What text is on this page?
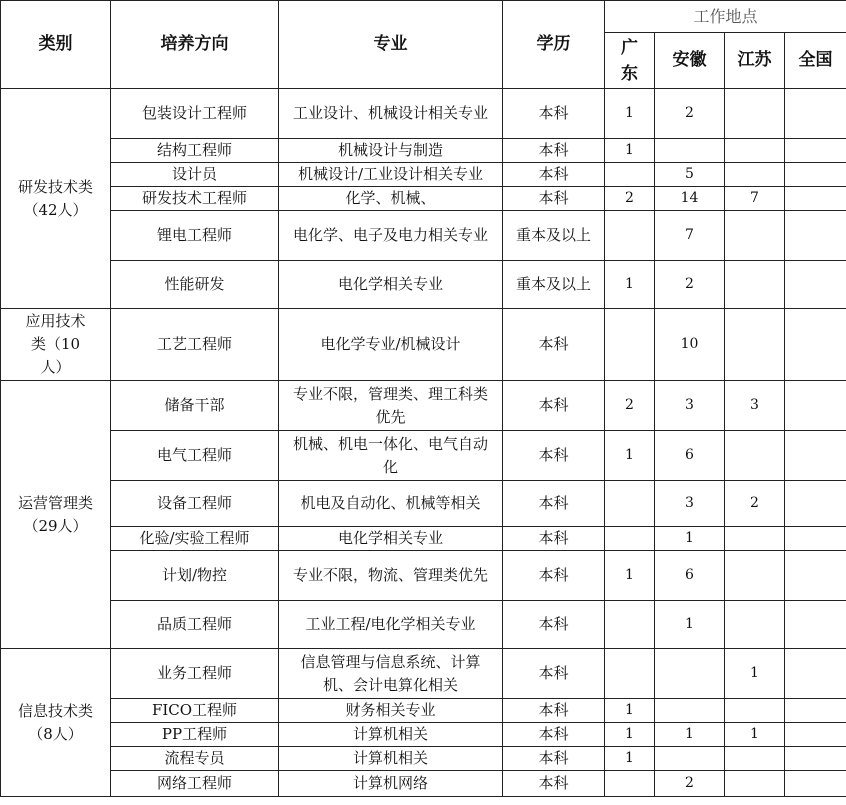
类别	培养方向	专业	学历	工作地点			
				广东	安徽	江苏	全国
研发技术类（42人）	包装设计工程师	工业设计、机械设计相关专业	本科	1	2		
	结构工程师	机械设计与制造	本科	1			
	设计员	机械设计/工业设计相关专业	本科		5		
	研发技术工程师	化学、机械、	本科	2	14	7	
	锂电工程师	电化学、电子及电力相关专业	重本及以上		7		
	性能研发	电化学相关专业	重本及以上	1	2		
应用技术类（10人）	工艺工程师	电化学专业/机械设计	本科		10		
运营管理类（29人）	储备干部	专业不限，管理类、理工科类优先	本科	2	3	3	
	电气工程师	机械、机电一体化、电气自动化	本科	1	6		
	设备工程师	机电及自动化、机械等相关	本科		3	2	
	化验/实验工程师	电化学相关专业	本科		1		
	计划/物控	专业不限，物流、管理类优先	本科	1	6		
	品质工程师	工业工程/电化学相关专业	本科		1		
信息技术类（8人）	业务工程师	信息管理与信息系统、计算机、会计电算化相关	本科			1	
	FICO工程师	财务相关专业	本科	1			
	PP工程师	计算机相关	本科	1	1	1	
	流程专员	计算机相关	本科	1			
	网络工程师	计算机网络	本科		2		
